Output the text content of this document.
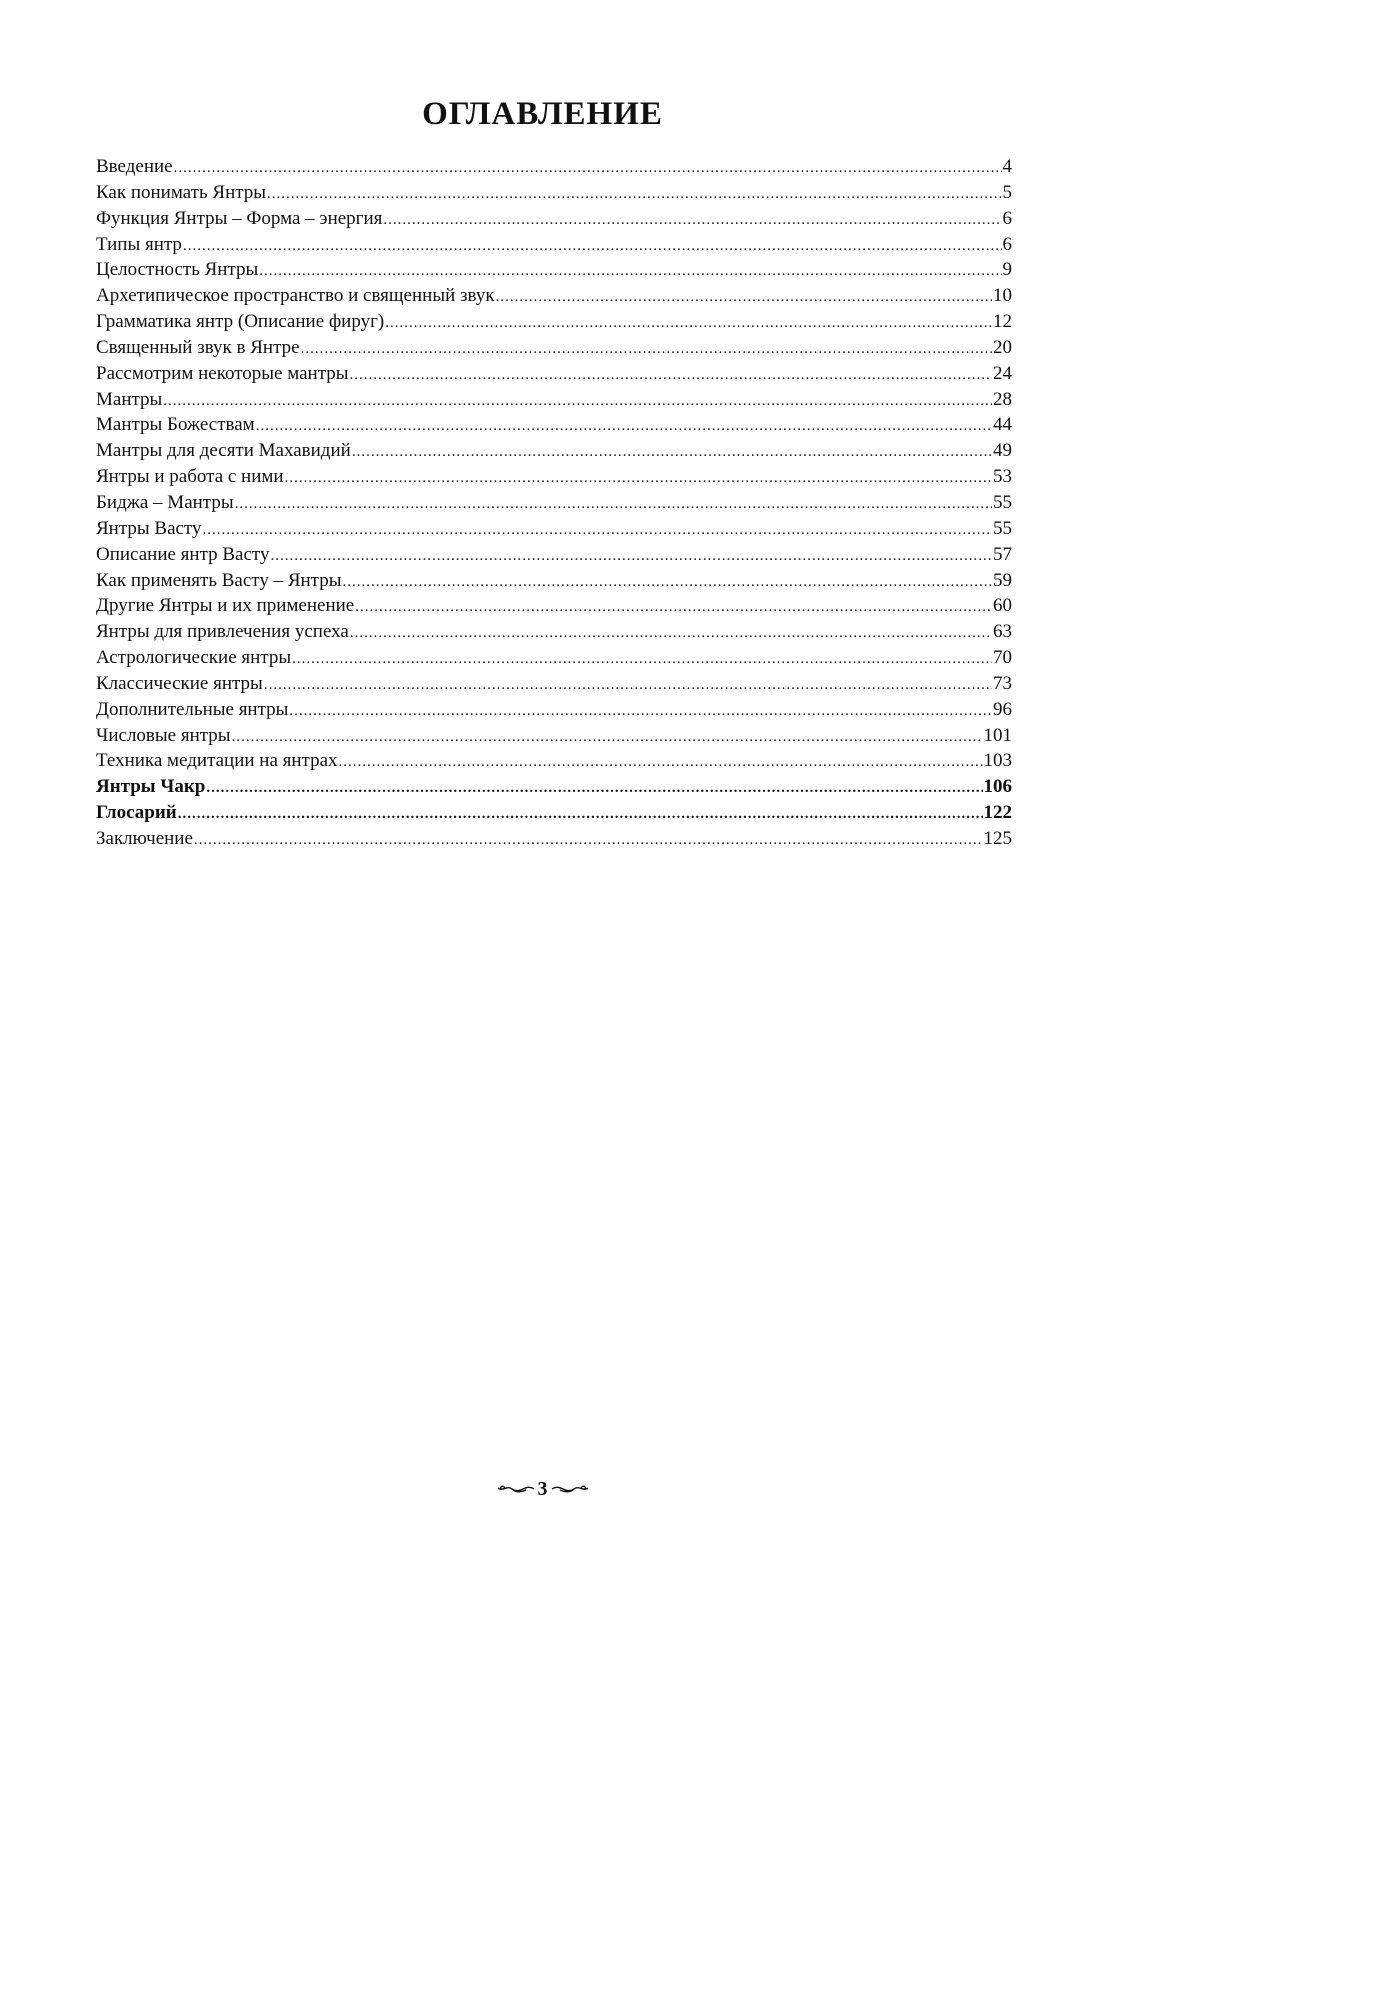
ОГЛАВЛЕНИЕ
Введение .....	4
Как понимать Янтры .....	5
Функция Янтры – Форма – энергия .....	6
Типы янтр .....	6
Целостность Янтры .....	9
Архетипическое пространство и священный звук .....	10
Грамматика янтр (Описание фируг) .....	12
Священный звук в Янтре .....	20
Рассмотрим некоторые мантры .....	24
Мантры .....	28
Мантры Божествам .....	44
Мантры для десяти Махавидий .....	49
Янтры и работа с ними .....	53
Биджа – Мантры .....	55
Янтры Васту .....	55
Описание янтр Васту .....	57
Как применять Васту – Янтры .....	59
Другие Янтры и их применение .....	60
Янтры для привлечения успеха .....	63
Астрологические янтры .....	70
Классические янтры .....	73
Дополнительные янтры .....	96
Числовые янтры .....	101
Техника медитации на янтрах .....	103
Янтры Чакр .....	106
Глосарий .....	122
Заключение .....	125
3
